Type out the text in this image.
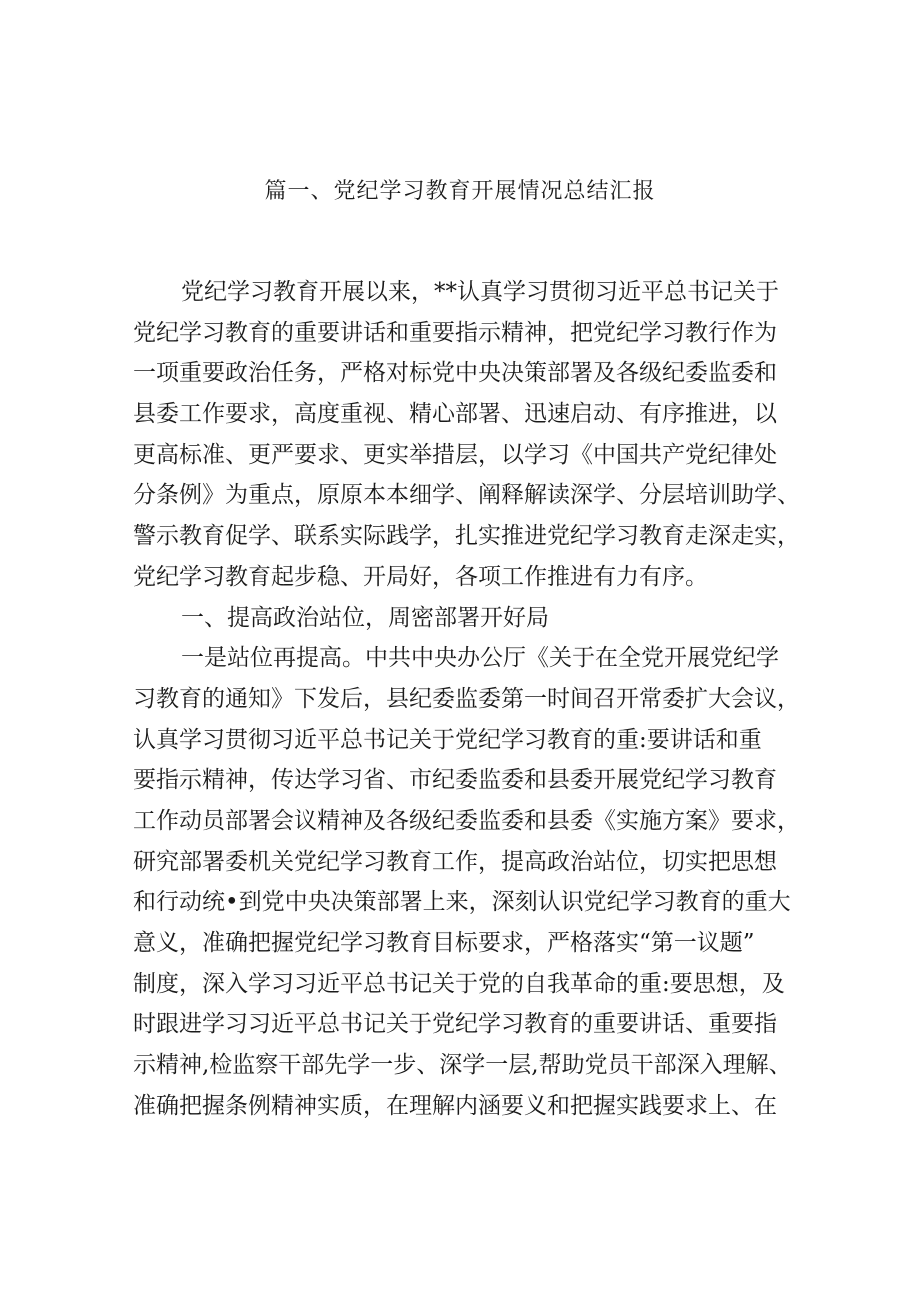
篇一、党纪学习教育开展情况总结汇报
党纪学习教育开展以来，**认真学习贯彻习近平总书记关于
党纪学习教育的重要讲话和重要指示精神，把党纪学习教行作为
一项重要政治任务，严格对标党中央决策部署及各级纪委监委和
县委工作要求，高度重视、精心部署、迅速启动、有序推进，以
更高标准、更严要求、更实举措层，以学习《中国共产党纪律处
分条例》为重点，原原本本细学、阐释解读深学、分层培训助学、
警示教育促学、联系实际践学，扎实推进党纪学习教育走深走实，
党纪学习教育起步稳、开局好，各项工作推进有力有序。
一、提高政治站位，周密部署开好局
一是站位再提高。中共中央办公厅《关于在全党开展党纪学
习教育的通知》下发后，县纪委监委第一时间召开常委扩大会议，
认真学习贯彻习近平总书记关于党纪学习教育的重:要讲话和重
要指示精神，传达学习省、市纪委监委和县委开展党纪学习教育
工作动员部署会议精神及各级纪委监委和县委《实施方案》要求，
研究部署委机关党纪学习教育工作，提高政治站位，切实把思想
和行动统•到党中央决策部署上来，深刻认识党纪学习教育的重大
意义，准确把握党纪学习教育目标要求，严格落实“第一议题”
制度，深入学习习近平总书记关于党的自我革命的重:要思想，及
时跟进学习习近平总书记关于党纪学习教育的重要讲话、重要指
示精神,检监察干部先学一步、深学一层,帮助党员干部深入理解、
准确把握条例精神实质，在理解内涵要义和把握实践要求上、在
